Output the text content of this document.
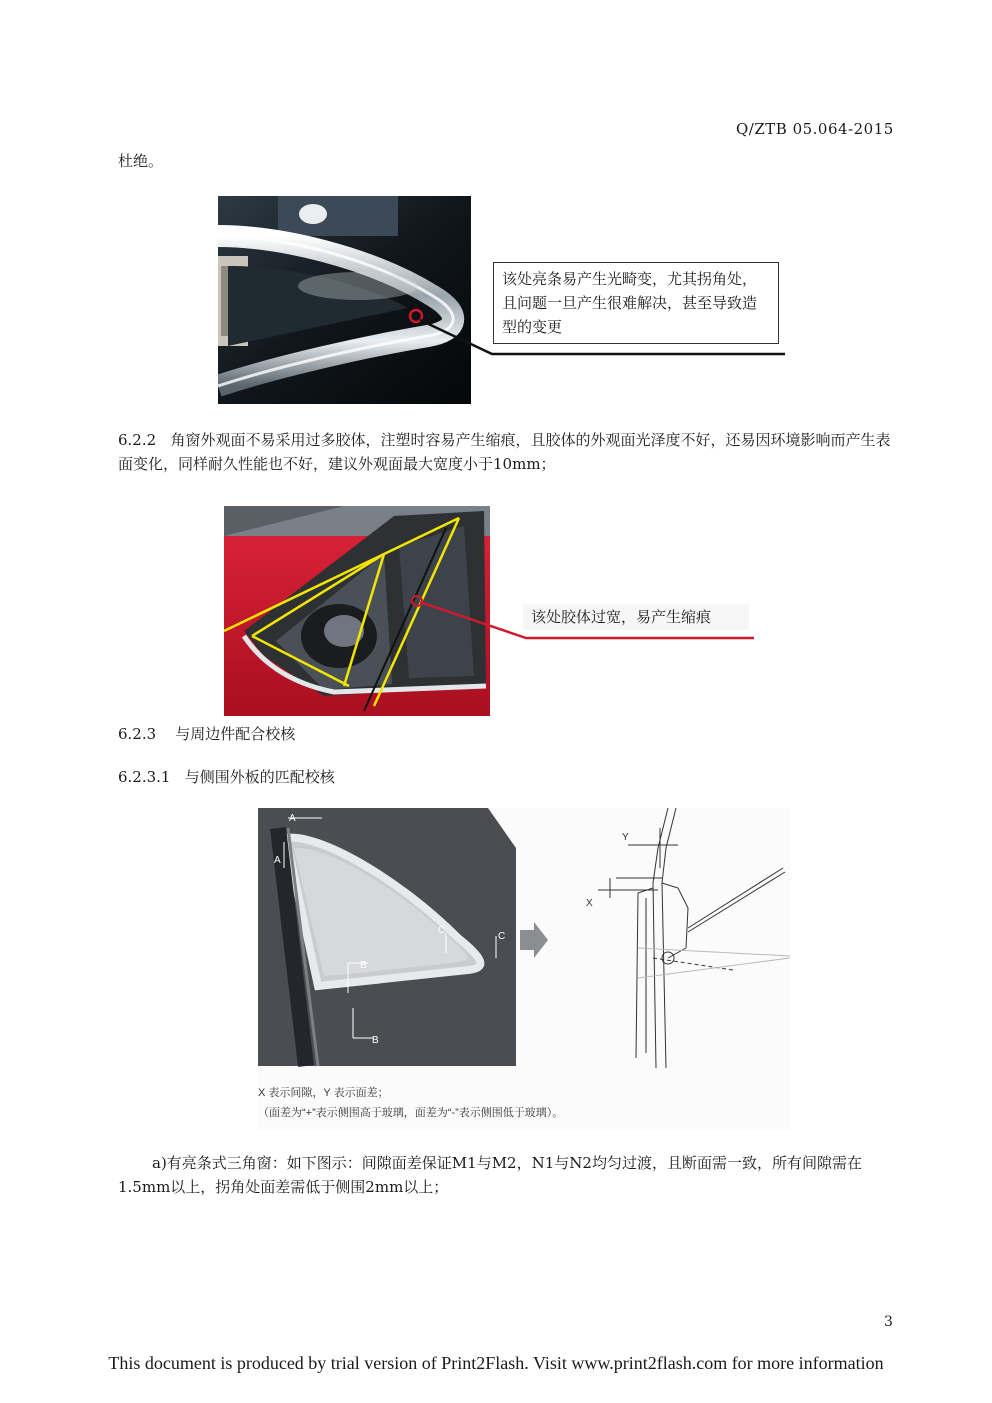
Q/ZTB 05.064-2015
杜绝。
该处亮条易产生光畸变，尤其拐角处，且问题一旦产生很难解决，甚至导致造型的变更
6.2.2 角窗外观面不易采用过多胶体，注塑时容易产生缩痕，且胶体的外观面光泽度不好，还易因环境影响而产生表面变化，同样耐久性能也不好，建议外观面最大宽度小于10mm；
该处胶体过宽，易产生缩痕
6.2.3 与周边件配合校核
6.2.3.1 与侧围外板的匹配校核
A
A
B
B
C
C
Y
X
X 表示间隙，Y 表示面差；
（面差为“+”表示侧围高于玻璃，面差为“-”表示侧围低于玻璃）。
a)有亮条式三角窗：如下图示：间隙面差保证M1与M2，N1与N2均匀过渡，且断面需一致，所有间隙需在1.5mm以上，拐角处面差需低于侧围2mm以上；
3
This document is produced by trial version of Print2Flash. Visit www.print2flash.com for more information
